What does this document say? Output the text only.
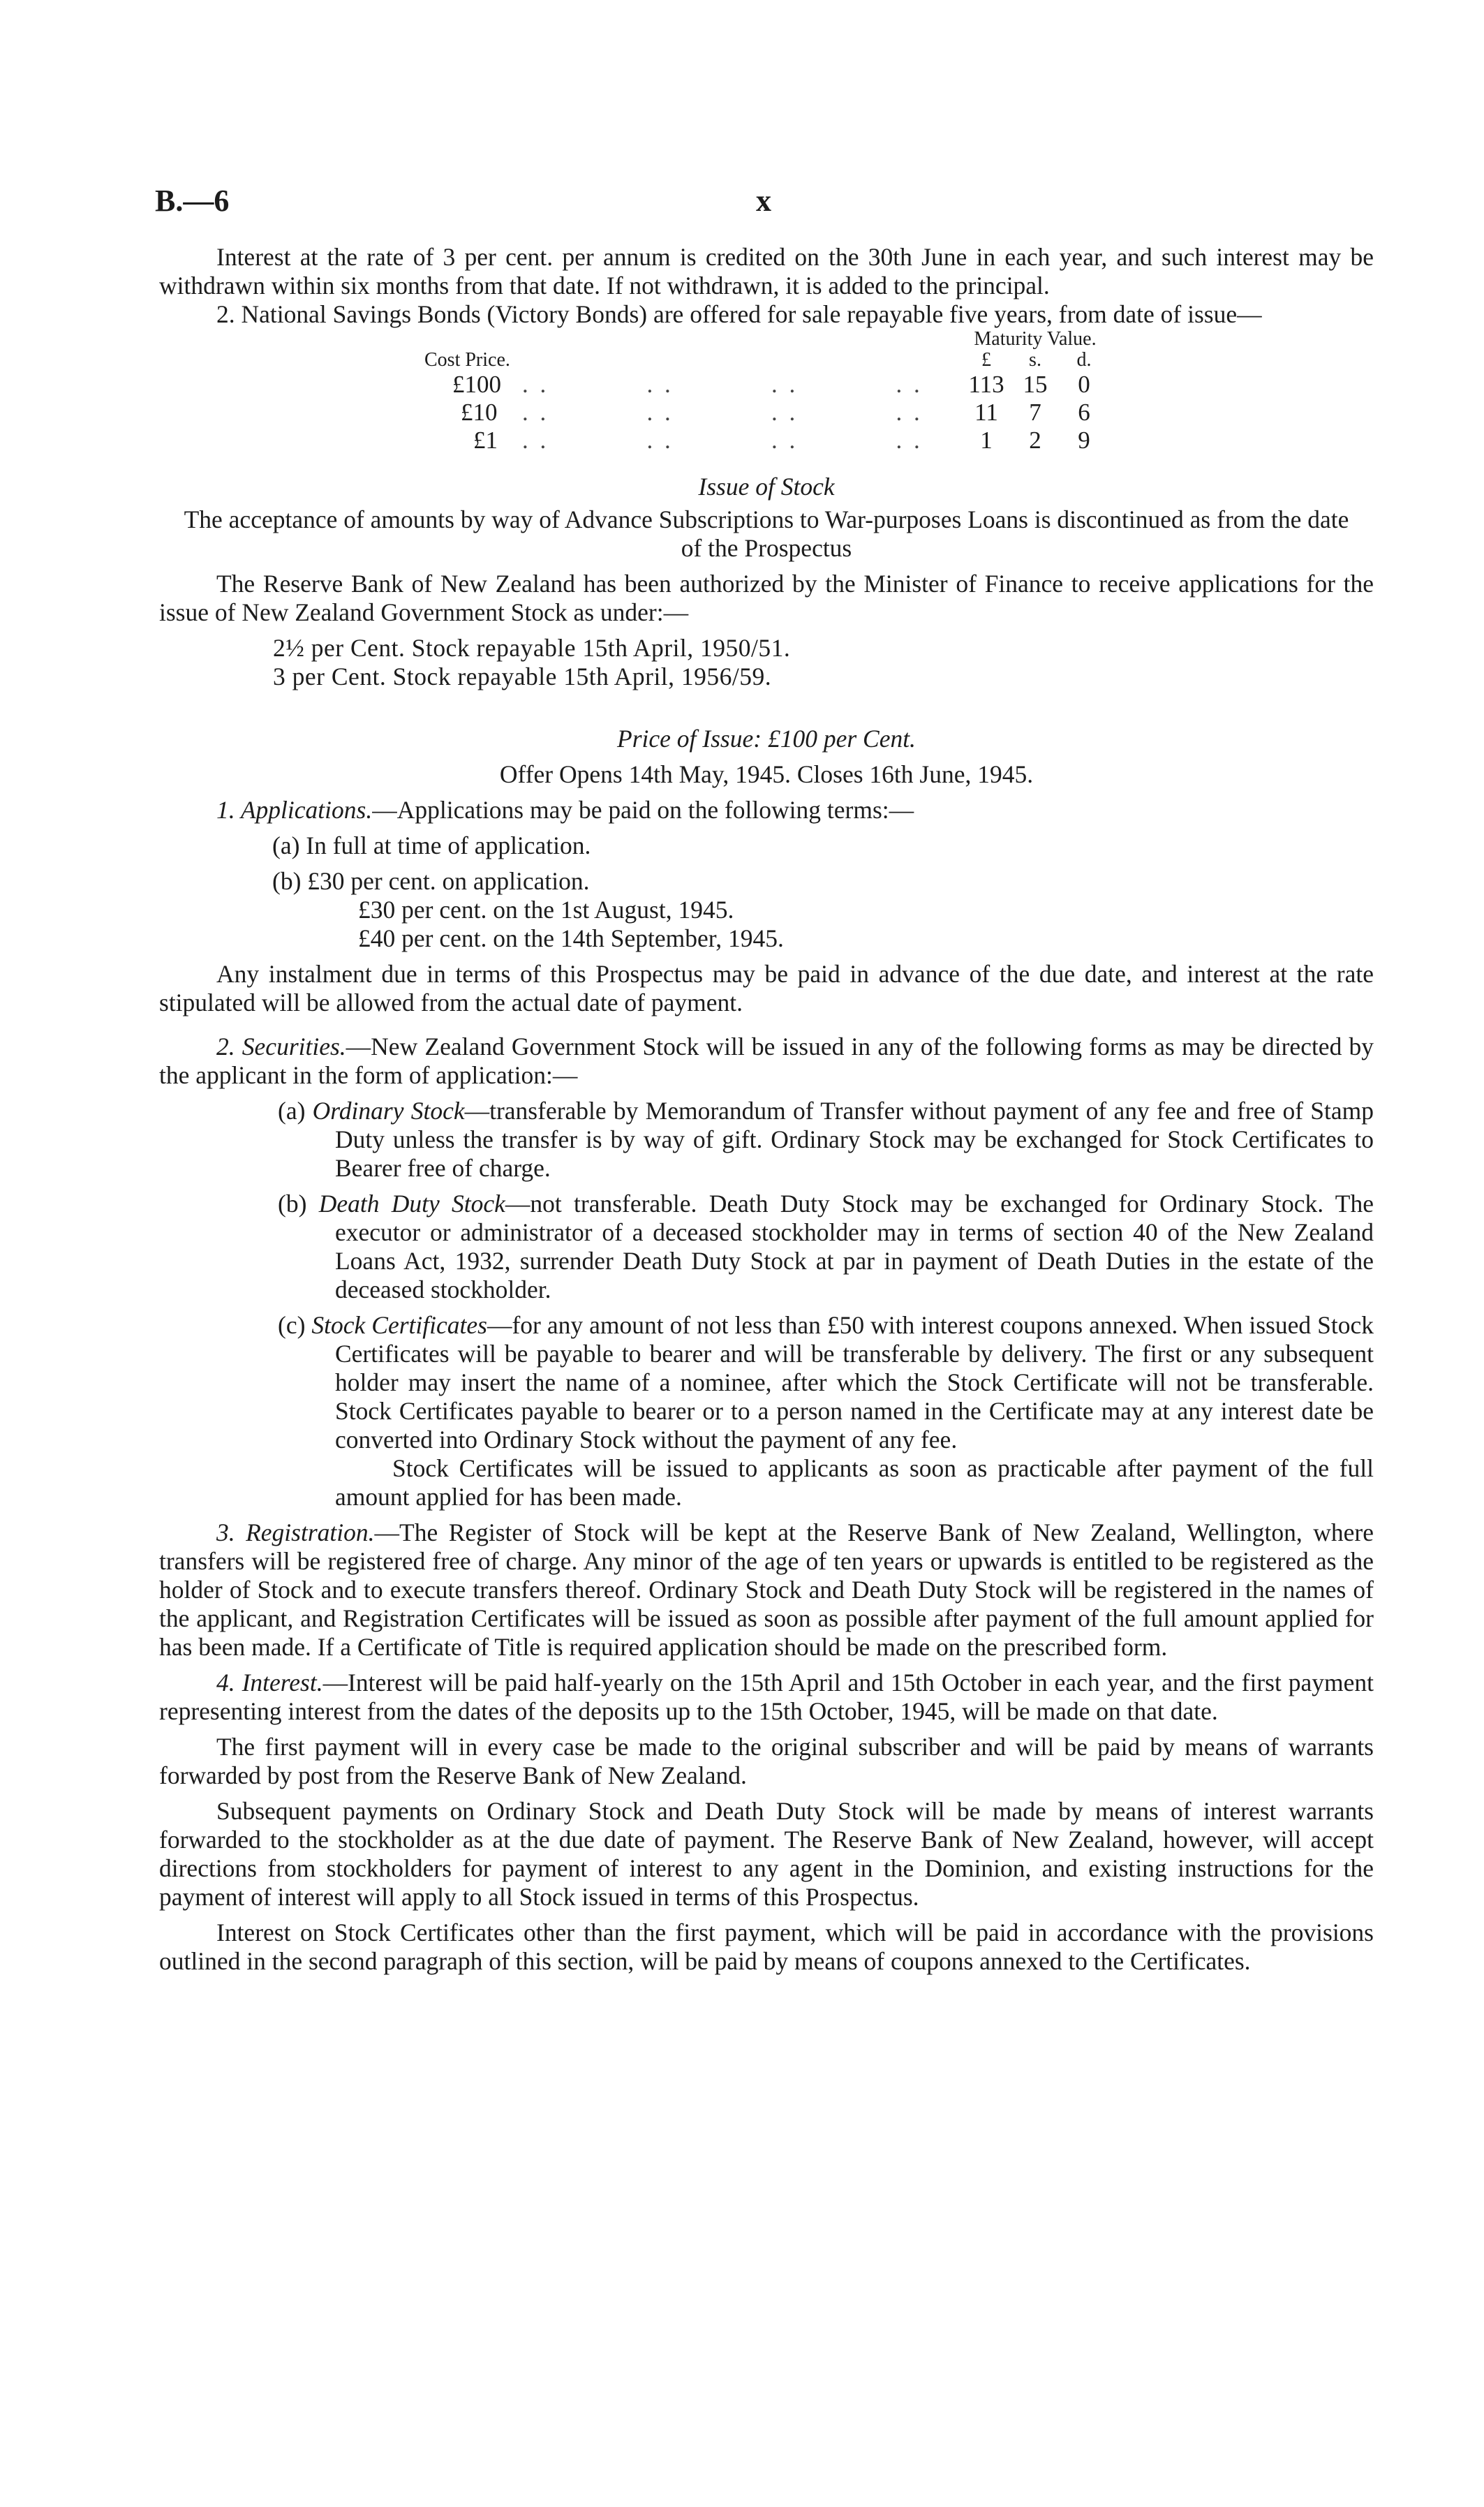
B.—6	x

Interest at the rate of 3 per cent. per annum is credited on the 30th June in each year, and such interest may be withdrawn within six months from that date. If not withdrawn, it is added to the principal.

2. National Savings Bonds (Victory Bonds) are offered for sale repayable five years, from date of issue—

		Maturity Value.		
Cost Price.		£	s.	d.
£100	. . . . . . . .	113	15	0
£10	. . . . . . . .	11	7	6
£1	. . . . . . . .	1	2	9

Issue of Stock

The acceptance of amounts by way of Advance Subscriptions to War-purposes Loans is discontinued as from the date of the Prospectus

The Reserve Bank of New Zealand has been authorized by the Minister of Finance to receive applications for the issue of New Zealand Government Stock as under:—

2½ per Cent. Stock repayable 15th April, 1950/51.

3 per Cent. Stock repayable 15th April, 1956/59.

Price of Issue: £100 per Cent.

Offer Opens 14th May, 1945. Closes 16th June, 1945.

1. Applications.—Applications may be paid on the following terms:—

(a) In full at time of application.

(b) £30 per cent. on application.

£30 per cent. on the 1st August, 1945.

£40 per cent. on the 14th September, 1945.

Any instalment due in terms of this Prospectus may be paid in advance of the due date, and interest at the rate stipulated will be allowed from the actual date of payment.

2. Securities.—New Zealand Government Stock will be issued in any of the following forms as may be directed by the applicant in the form of application:—

(a) Ordinary Stock—transferable by Memorandum of Transfer without payment of any fee and free of Stamp Duty unless the transfer is by way of gift. Ordinary Stock may be exchanged for Stock Certificates to Bearer free of charge.

(b) Death Duty Stock—not transferable. Death Duty Stock may be exchanged for Ordinary Stock. The executor or administrator of a deceased stockholder may in terms of section 40 of the New Zealand Loans Act, 1932, surrender Death Duty Stock at par in payment of Death Duties in the estate of the deceased stockholder.

(c) Stock Certificates—for any amount of not less than £50 with interest coupons annexed. When issued Stock Certificates will be payable to bearer and will be transferable by delivery. The first or any subsequent holder may insert the name of a nominee, after which the Stock Certificate will not be transferable. Stock Certificates payable to bearer or to a person named in the Certificate may at any interest date be converted into Ordinary Stock without the payment of any fee.

Stock Certificates will be issued to applicants as soon as practicable after payment of the full amount applied for has been made.

3. Registration.—The Register of Stock will be kept at the Reserve Bank of New Zealand, Wellington, where transfers will be registered free of charge. Any minor of the age of ten years or upwards is entitled to be registered as the holder of Stock and to execute transfers thereof. Ordinary Stock and Death Duty Stock will be registered in the names of the applicant, and Registration Certificates will be issued as soon as possible after payment of the full amount applied for has been made. If a Certificate of Title is required application should be made on the prescribed form.

4. Interest.—Interest will be paid half-yearly on the 15th April and 15th October in each year, and the first payment representing interest from the dates of the deposits up to the 15th October, 1945, will be made on that date.

The first payment will in every case be made to the original subscriber and will be paid by means of warrants forwarded by post from the Reserve Bank of New Zealand.

Subsequent payments on Ordinary Stock and Death Duty Stock will be made by means of interest warrants forwarded to the stockholder as at the due date of payment. The Reserve Bank of New Zealand, however, will accept directions from stockholders for payment of interest to any agent in the Dominion, and existing instructions for the payment of interest will apply to all Stock issued in terms of this Prospectus.

Interest on Stock Certificates other than the first payment, which will be paid in accordance with the provisions outlined in the second paragraph of this section, will be paid by means of coupons annexed to the Certificates.
